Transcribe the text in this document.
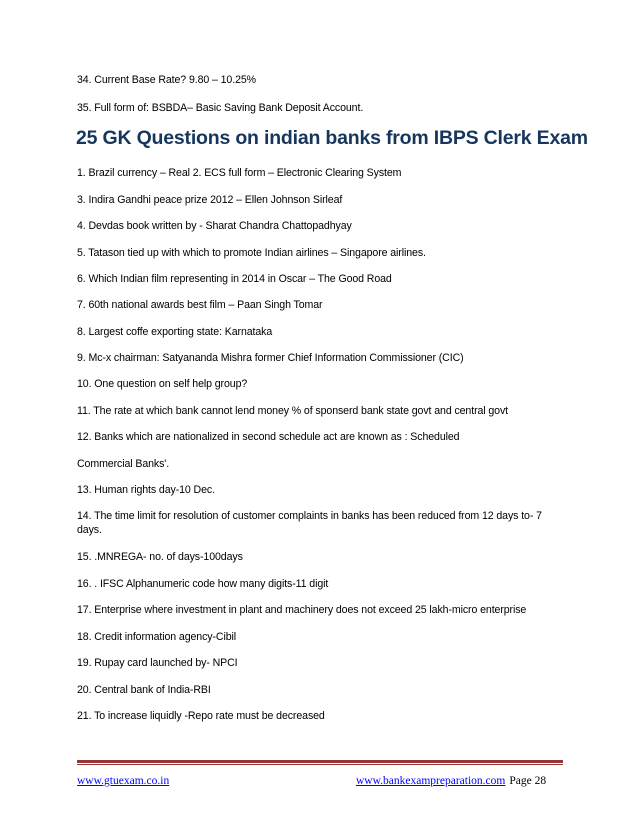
34. Current Base Rate? 9.80 – 10.25%
35. Full form of: BSBDA– Basic Saving Bank Deposit Account.
25 GK Questions on indian banks from IBPS Clerk Exam
1. Brazil currency – Real 2. ECS full form – Electronic Clearing System
3. Indira Gandhi peace prize 2012 – Ellen Johnson Sirleaf
4. Devdas book written by - Sharat Chandra Chattopadhyay
5. Tatason tied up with which to promote Indian airlines – Singapore airlines.
6. Which Indian film representing in 2014 in Oscar – The Good Road
7. 60th national awards best film – Paan Singh Tomar
8. Largest coffe exporting state: Karnataka
9. Mc-x chairman: Satyananda Mishra former Chief Information Commissioner (CIC)
10. One question on self help group?
11. The rate at which bank cannot lend money % of sponserd bank state govt and central govt
12. Banks which are nationalized in second schedule act are known as : Scheduled
Commercial Banks'.
13. Human rights day-10 Dec.
14. The time limit for resolution of customer complaints in banks has been reduced from 12 days to- 7 days.
15. .MNREGA- no. of days-100days
16. . IFSC Alphanumeric code how many digits-11 digit
17. Enterprise where investment in plant and machinery does not exceed 25 lakh-micro enterprise
18. Credit information agency-Cibil
19. Rupay card launched by- NPCI
20. Central bank of India-RBI
21. To increase liquidly -Repo rate must be decreased
www.gtuexam.co.in	www.bankexampreparation.com Page 28
